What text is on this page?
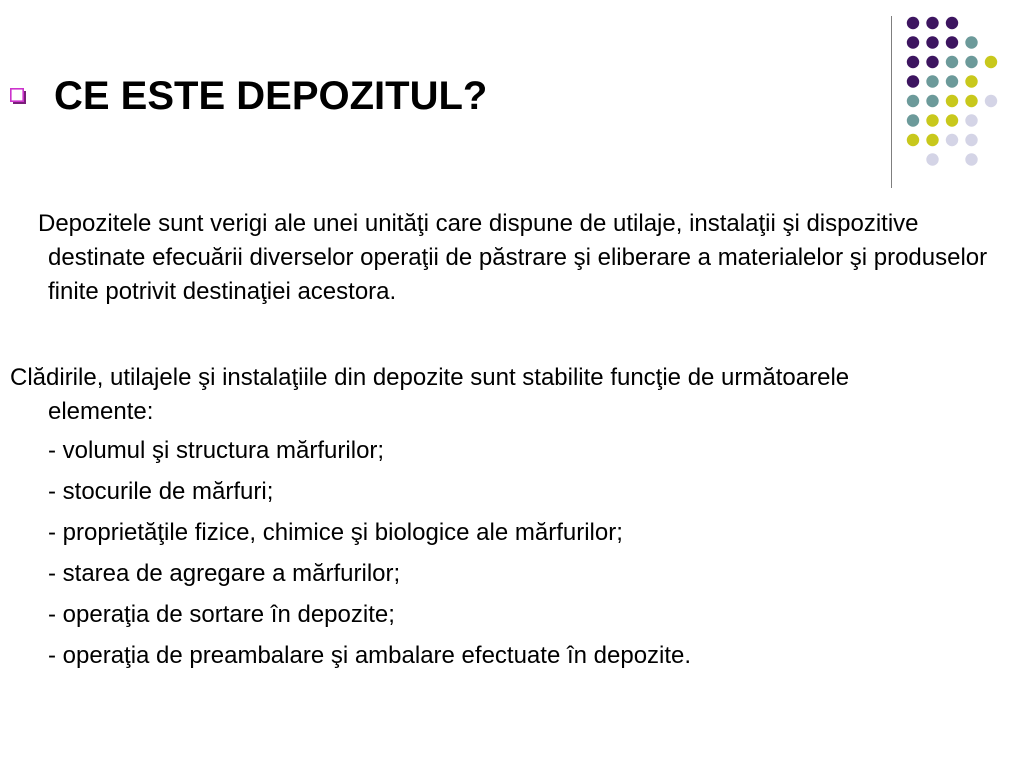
CE ESTE DEPOZITUL?

Depozitele sunt verigi ale unei unităţi care dispune de utilaje, instalaţii şi dispozitive destinate efecuării diverselor operaţii de păstrare şi eliberare a materialelor şi produselor finite potrivit destinaţiei acestora.

Clădirile, utilajele şi instalaţiile din depozite sunt stabilite funcţie de următoarele
elemente:

- volumul şi structura mărfurilor;
- stocurile de mărfuri;
- proprietăţile fizice, chimice şi biologice ale mărfurilor;
- starea de agregare a mărfurilor;
- operaţia de sortare în depozite;
- operaţia de preambalare şi ambalare efectuate în depozite.
